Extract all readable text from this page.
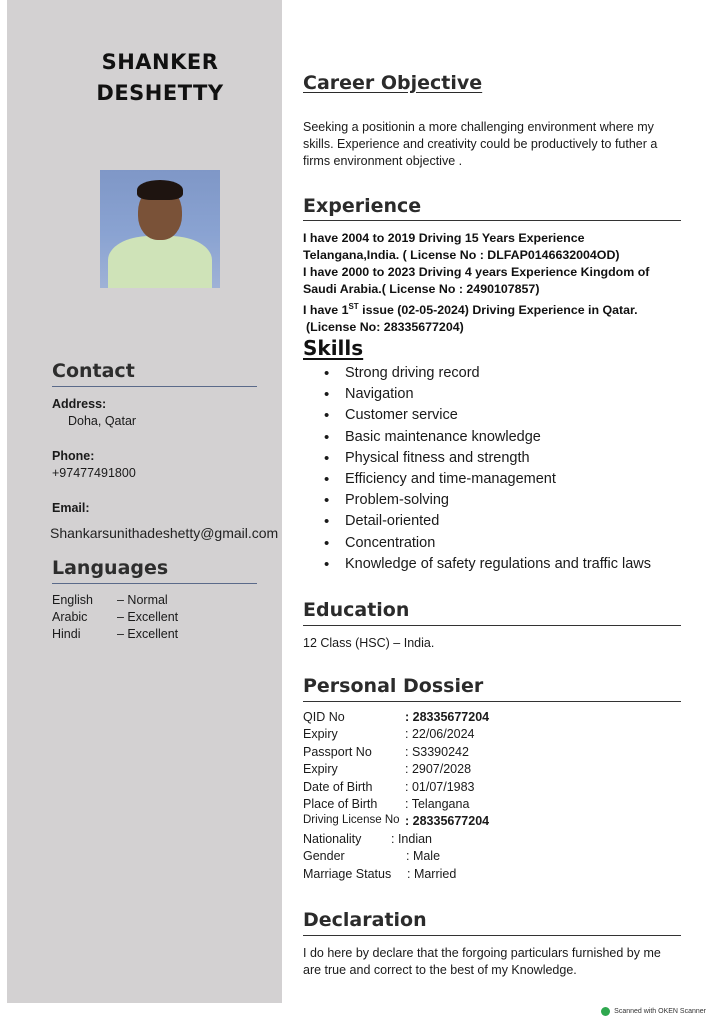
SHANKER
DESHETTY
Contact
Address:
Doha, Qatar
Phone:
+97477491800
Email:
Shankarsunithadeshetty@gmail.com
Languages
English – Normal
Arabic – Excellent
Hindi	– Excellent
Career Objective
Seeking a positionin a more challenging environment where my skills. Experience and creativity could be productively to futher a firms environment objective .
Experience
I have 2004 to 2019 Driving 15 Years Experience
Telangana,India. ( License No : DLFAP0146632004OD)
I have 2000 to 2023 Driving 4 years Experience Kingdom of
Saudi Arabia.( License No : 2490107857)
I have 1ST issue (02-05-2024) Driving Experience in Qatar.
(License No: 28335677204)
Skills
• Strong driving record
• Navigation
• Customer service
• Basic maintenance knowledge
• Physical fitness and strength
• Efficiency and time-management
• Problem-solving
• Detail-oriented
• Concentration
• Knowledge of safety regulations and traffic laws
Education
12 Class (HSC) – India.
Personal Dossier
QID No	: 28335677204
Expiry	: 22/06/2024
Passport No	: S3390242
Expiry	: 2907/2028
Date of Birth	: 01/07/1983
Place of Birth : Telangana
Driving License No : 28335677204
Nationality : Indian
Gender	: Male
Marriage Status : Married
Declaration
I do here by declare that the forgoing particulars furnished by me are true and correct to the best of my Knowledge.
Scanned with OKEN Scanner
